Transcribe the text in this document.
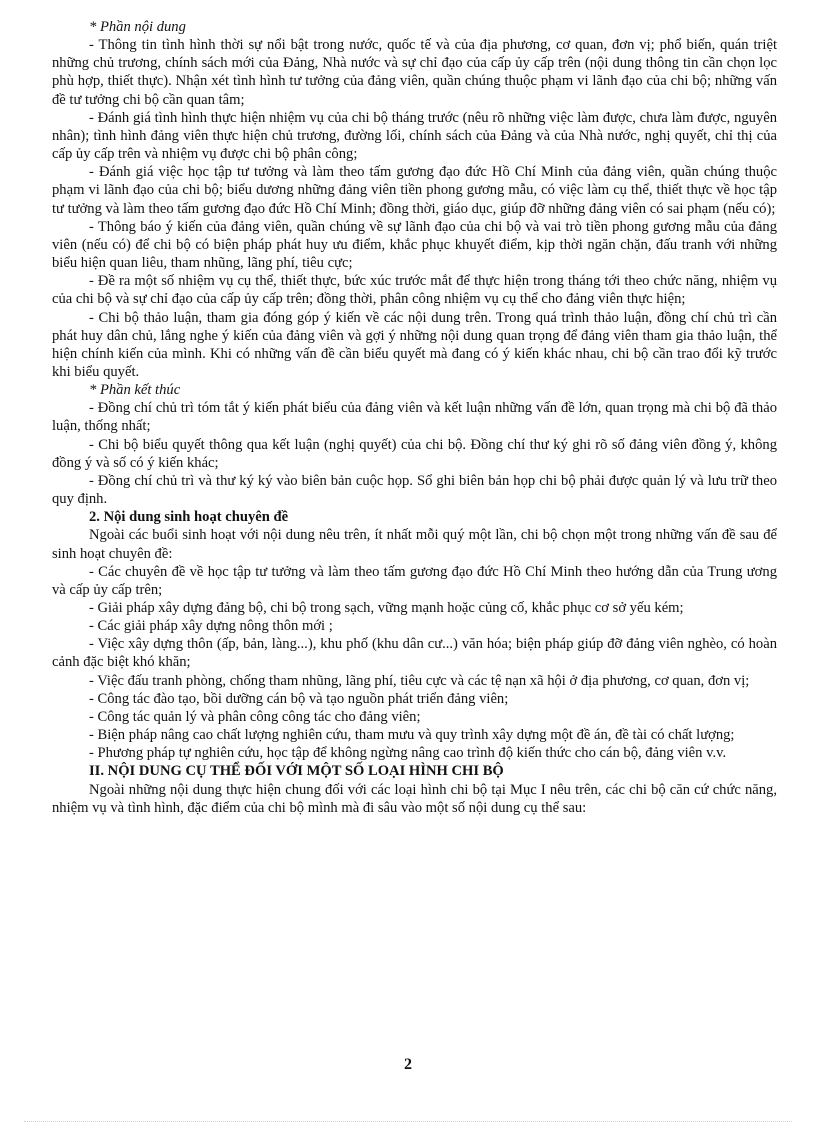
* Phần nội dung

- Thông tin tình hình thời sự nổi bật trong nước, quốc tế và của địa phương, cơ quan, đơn vị; phổ biến, quán triệt những chủ trương, chính sách mới của Đảng, Nhà nước và sự chỉ đạo của cấp ủy cấp trên (nội dung thông tin cần chọn lọc phù hợp, thiết thực). Nhận xét tình hình tư tưởng của đảng viên, quần chúng thuộc phạm vi lãnh đạo của chi bộ; những vấn đề tư tưởng chi bộ cần quan tâm;

- Đánh giá tình hình thực hiện nhiệm vụ của chi bộ tháng trước (nêu rõ những việc làm được, chưa làm được, nguyên nhân); tình hình đảng viên thực hiện chủ trương, đường lối, chính sách của Đảng và của Nhà nước, nghị quyết, chỉ thị của cấp ủy cấp trên và nhiệm vụ được chi bộ phân công;

- Đánh giá việc học tập tư tưởng và làm theo tấm gương đạo đức Hồ Chí Minh của đảng viên, quần chúng thuộc phạm vi lãnh đạo của chi bộ; biểu dương những đảng viên tiền phong gương mẫu, có việc làm cụ thể, thiết thực về học tập tư tưởng và làm theo tấm gương đạo đức Hồ Chí Minh; đồng thời, giáo dục, giúp đỡ những đảng viên có sai phạm (nếu có);

- Thông báo ý kiến của đảng viên, quần chúng về sự lãnh đạo của chi bộ và vai trò tiền phong gương mẫu của đảng viên (nếu có) để chi bộ có biện pháp phát huy ưu điểm, khắc phục khuyết điểm, kịp thời ngăn chặn, đấu tranh với những biểu hiện quan liêu, tham nhũng, lãng phí, tiêu cực;

- Đề ra một số nhiệm vụ cụ thể, thiết thực, bức xúc trước mắt để thực hiện trong tháng tới theo chức năng, nhiệm vụ của chi bộ và sự chỉ đạo của cấp ủy cấp trên; đồng thời, phân công nhiệm vụ cụ thể cho đảng viên thực hiện;

- Chi bộ thảo luận, tham gia đóng góp ý kiến về các nội dung trên. Trong quá trình thảo luận, đồng chí chủ trì cần phát huy dân chủ, lắng nghe ý kiến của đảng viên và gợi ý những nội dung quan trọng để đảng viên tham gia thảo luận, thể hiện chính kiến của mình. Khi có những vấn đề cần biểu quyết mà đang có ý kiến khác nhau, chi bộ cần trao đổi kỹ trước khi biểu quyết.

* Phần kết thúc

- Đồng chí chủ trì tóm tắt ý kiến phát biểu của đảng viên và kết luận những vấn đề lớn, quan trọng mà chi bộ đã thảo luận, thống nhất;

- Chi bộ biểu quyết thông qua kết luận (nghị quyết) của chi bộ. Đồng chí thư ký ghi rõ số đảng viên đồng ý, không đồng ý và số có ý kiến khác;

- Đồng chí chủ trì và thư ký ký vào biên bản cuộc họp. Sổ ghi biên bản họp chi bộ phải được quản lý và lưu trữ theo quy định.

2. Nội dung sinh hoạt chuyên đề

Ngoài các buổi sinh hoạt với nội dung nêu trên, ít nhất mỗi quý một lần, chi bộ chọn một trong những vấn đề sau để sinh hoạt chuyên đề:

- Các chuyên đề về học tập tư tưởng và làm theo tấm gương đạo đức Hồ Chí Minh theo hướng dẫn của Trung ương và cấp ủy cấp trên;

- Giải pháp xây dựng đảng bộ, chi bộ trong sạch, vững mạnh hoặc củng cố, khắc phục cơ sở yếu kém;

- Các giải pháp xây dựng nông thôn mới ;

- Việc xây dựng thôn (ấp, bản, làng...), khu phố (khu dân cư...) văn hóa; biện pháp giúp đỡ đảng viên nghèo, có hoàn cảnh đặc biệt khó khăn;

- Việc đấu tranh phòng, chống tham nhũng, lãng phí, tiêu cực và các tệ nạn xã hội ở địa phương, cơ quan, đơn vị;

- Công tác đào tạo, bồi dưỡng cán bộ và tạo nguồn phát triển đảng viên;

- Công tác quản lý và phân công công tác cho đảng viên;

- Biện pháp nâng cao chất lượng nghiên cứu, tham mưu và quy trình xây dựng một đề án, đề tài có chất lượng;

- Phương pháp tự nghiên cứu, học tập để không ngừng nâng cao trình độ kiến thức cho cán bộ, đảng viên v.v.

II. NỘI DUNG CỤ THỂ ĐỐI VỚI MỘT SỐ LOẠI HÌNH CHI BỘ

Ngoài những nội dung thực hiện chung đối với các loại hình chi bộ tại Mục I nêu trên, các chi bộ căn cứ chức năng, nhiệm vụ và tình hình, đặc điểm của chi bộ mình mà đi sâu vào một số nội dung cụ thể sau:

2
